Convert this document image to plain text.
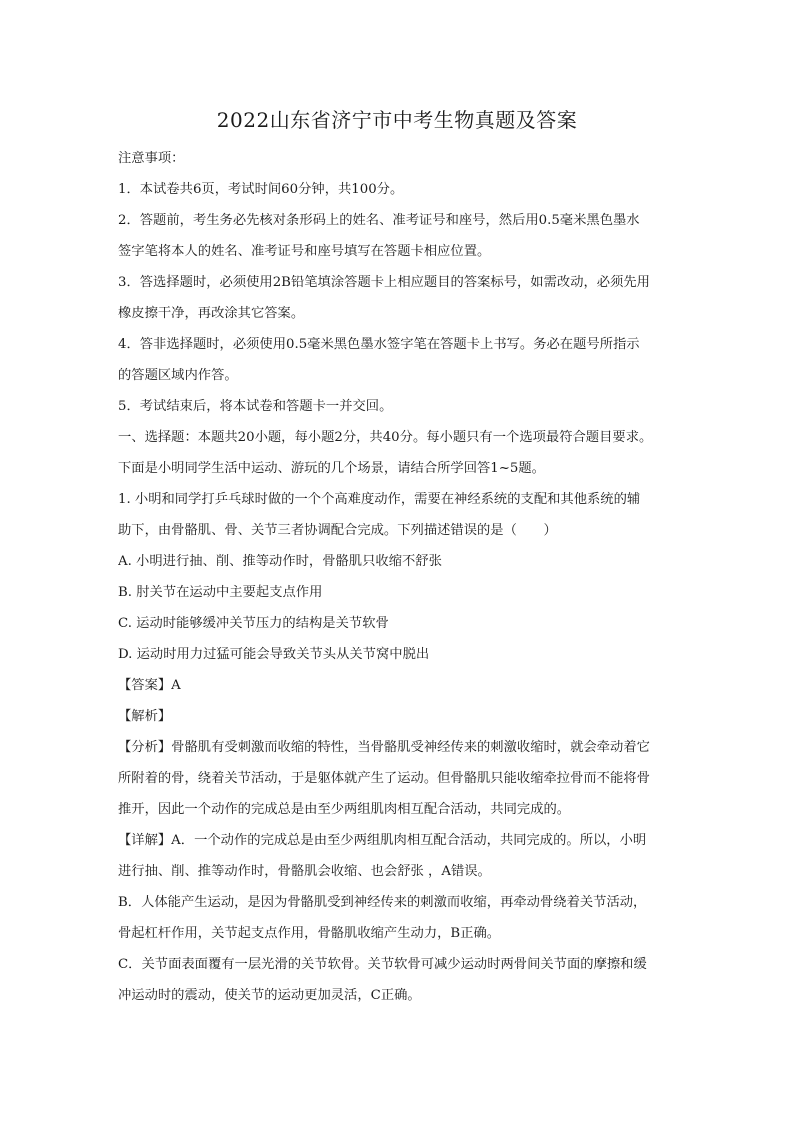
2022山东省济宁市中考生物真题及答案
注意事项：
1．本试卷共6页，考试时间60分钟，共100分。
2．答题前，考生务必先核对条形码上的姓名、准考证号和座号，然后用0.5毫米黑色墨水
签字笔将本人的姓名、准考证号和座号填写在答题卡相应位置。
3．答选择题时，必须使用2B铅笔填涂答题卡上相应题目的答案标号，如需改动，必须先用
橡皮擦干净，再改涂其它答案。
4．答非选择题时，必须使用0.5毫米黑色墨水签字笔在答题卡上书写。务必在题号所指示
的答题区域内作答。
5．考试结束后，将本试卷和答题卡一并交回。
一、选择题：本题共20小题，每小题2分，共40分。每小题只有一个选项最符合题目要求。
下面是小明同学生活中运动、游玩的几个场景，请结合所学回答1~5题。
1. 小明和同学打乒乓球时做的一个个高难度动作，需要在神经系统的支配和其他系统的辅
助下，由骨骼肌、骨、关节三者协调配合完成。下列描述错误的是（　　）
A. 小明进行抽、削、推等动作时，骨骼肌只收缩不舒张
B. 肘关节在运动中主要起支点作用
C. 运动时能够缓冲关节压力的结构是关节软骨
D. 运动时用力过猛可能会导致关节头从关节窝中脱出
【答案】A
【解析】
【分析】骨骼肌有受刺激而收缩的特性，当骨骼肌受神经传来的刺激收缩时，就会牵动着它
所附着的骨，绕着关节活动，于是躯体就产生了运动。但骨骼肌只能收缩牵拉骨而不能将骨
推开，因此一个动作的完成总是由至少两组肌肉相互配合活动，共同完成的。
【详解】A．一个动作的完成总是由至少两组肌肉相互配合活动，共同完成的。所以，小明
进行抽、削、推等动作时，骨骼肌会收缩、也会舒张 ，A错误。
B．人体能产生运动，是因为骨骼肌受到神经传来的刺激而收缩，再牵动骨绕着关节活动，
骨起杠杆作用，关节起支点作用，骨骼肌收缩产生动力，B正确。
C．关节面表面覆有一层光滑的关节软骨。关节软骨可减少运动时两骨间关节面的摩擦和缓
冲运动时的震动，使关节的运动更加灵活，C正确。
